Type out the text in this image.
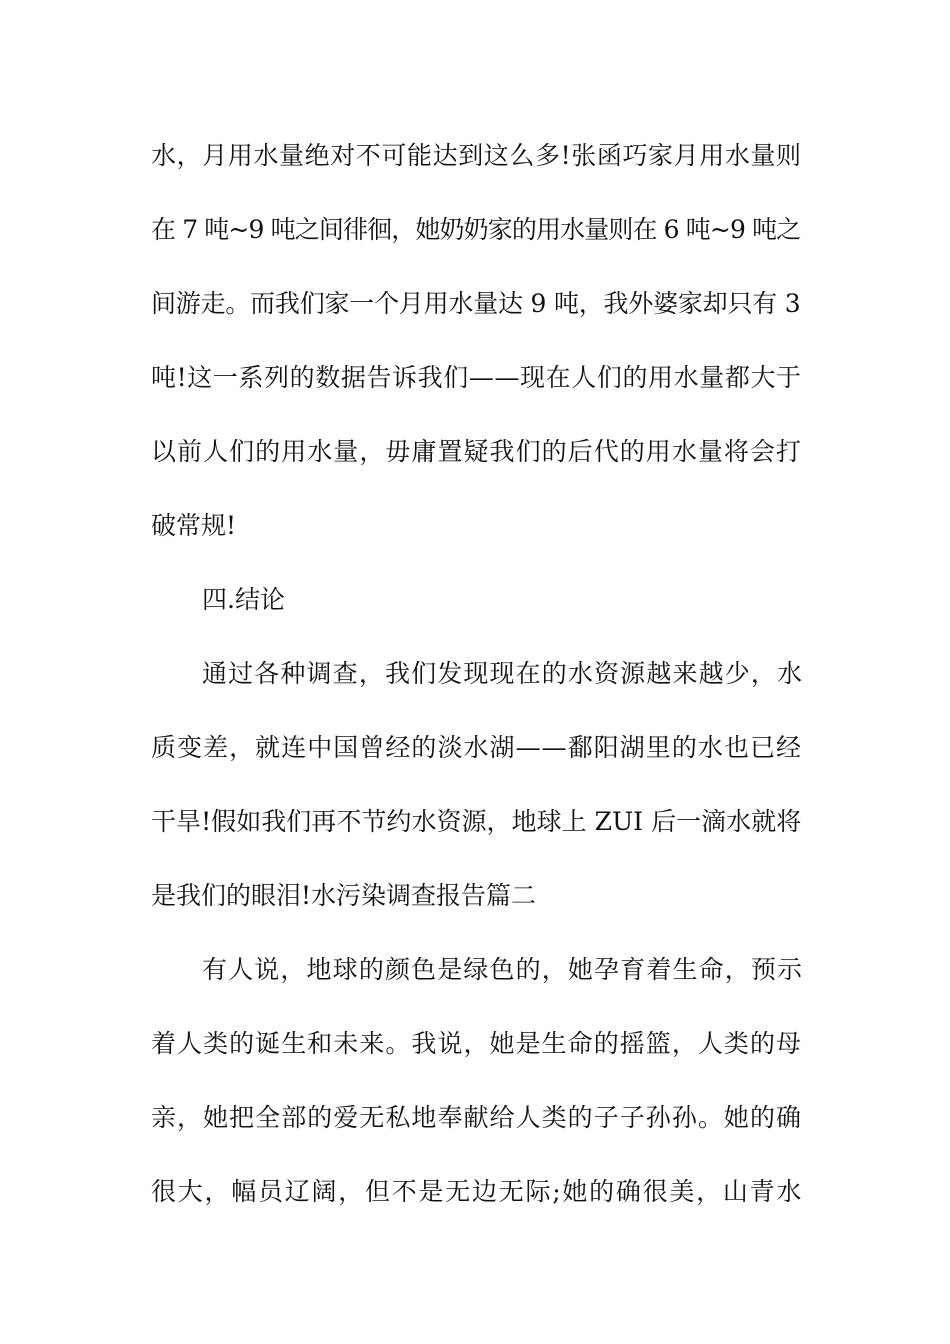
水，月用水量绝对不可能达到这么多!张函巧家月用水量则
在 7 吨~9 吨之间徘徊，她奶奶家的用水量则在 6 吨~9 吨之
间游走。而我们家一个月用水量达 9 吨，我外婆家却只有 3
吨!这一系列的数据告诉我们——现在人们的用水量都大于
以前人们的用水量，毋庸置疑我们的后代的用水量将会打
破常规!
四.结论
通过各种调查，我们发现现在的水资源越来越少，水
质变差，就连中国曾经的淡水湖——鄱阳湖里的水也已经
干旱!假如我们再不节约水资源，地球上 ZUI 后一滴水就将
是我们的眼泪!水污染调查报告篇二
有人说，地球的颜色是绿色的，她孕育着生命，预示
着人类的诞生和未来。我说，她是生命的摇篮，人类的母
亲，她把全部的爱无私地奉献给人类的子子孙孙。她的确
很大，幅员辽阔，但不是无边无际;她的确很美，山青水
